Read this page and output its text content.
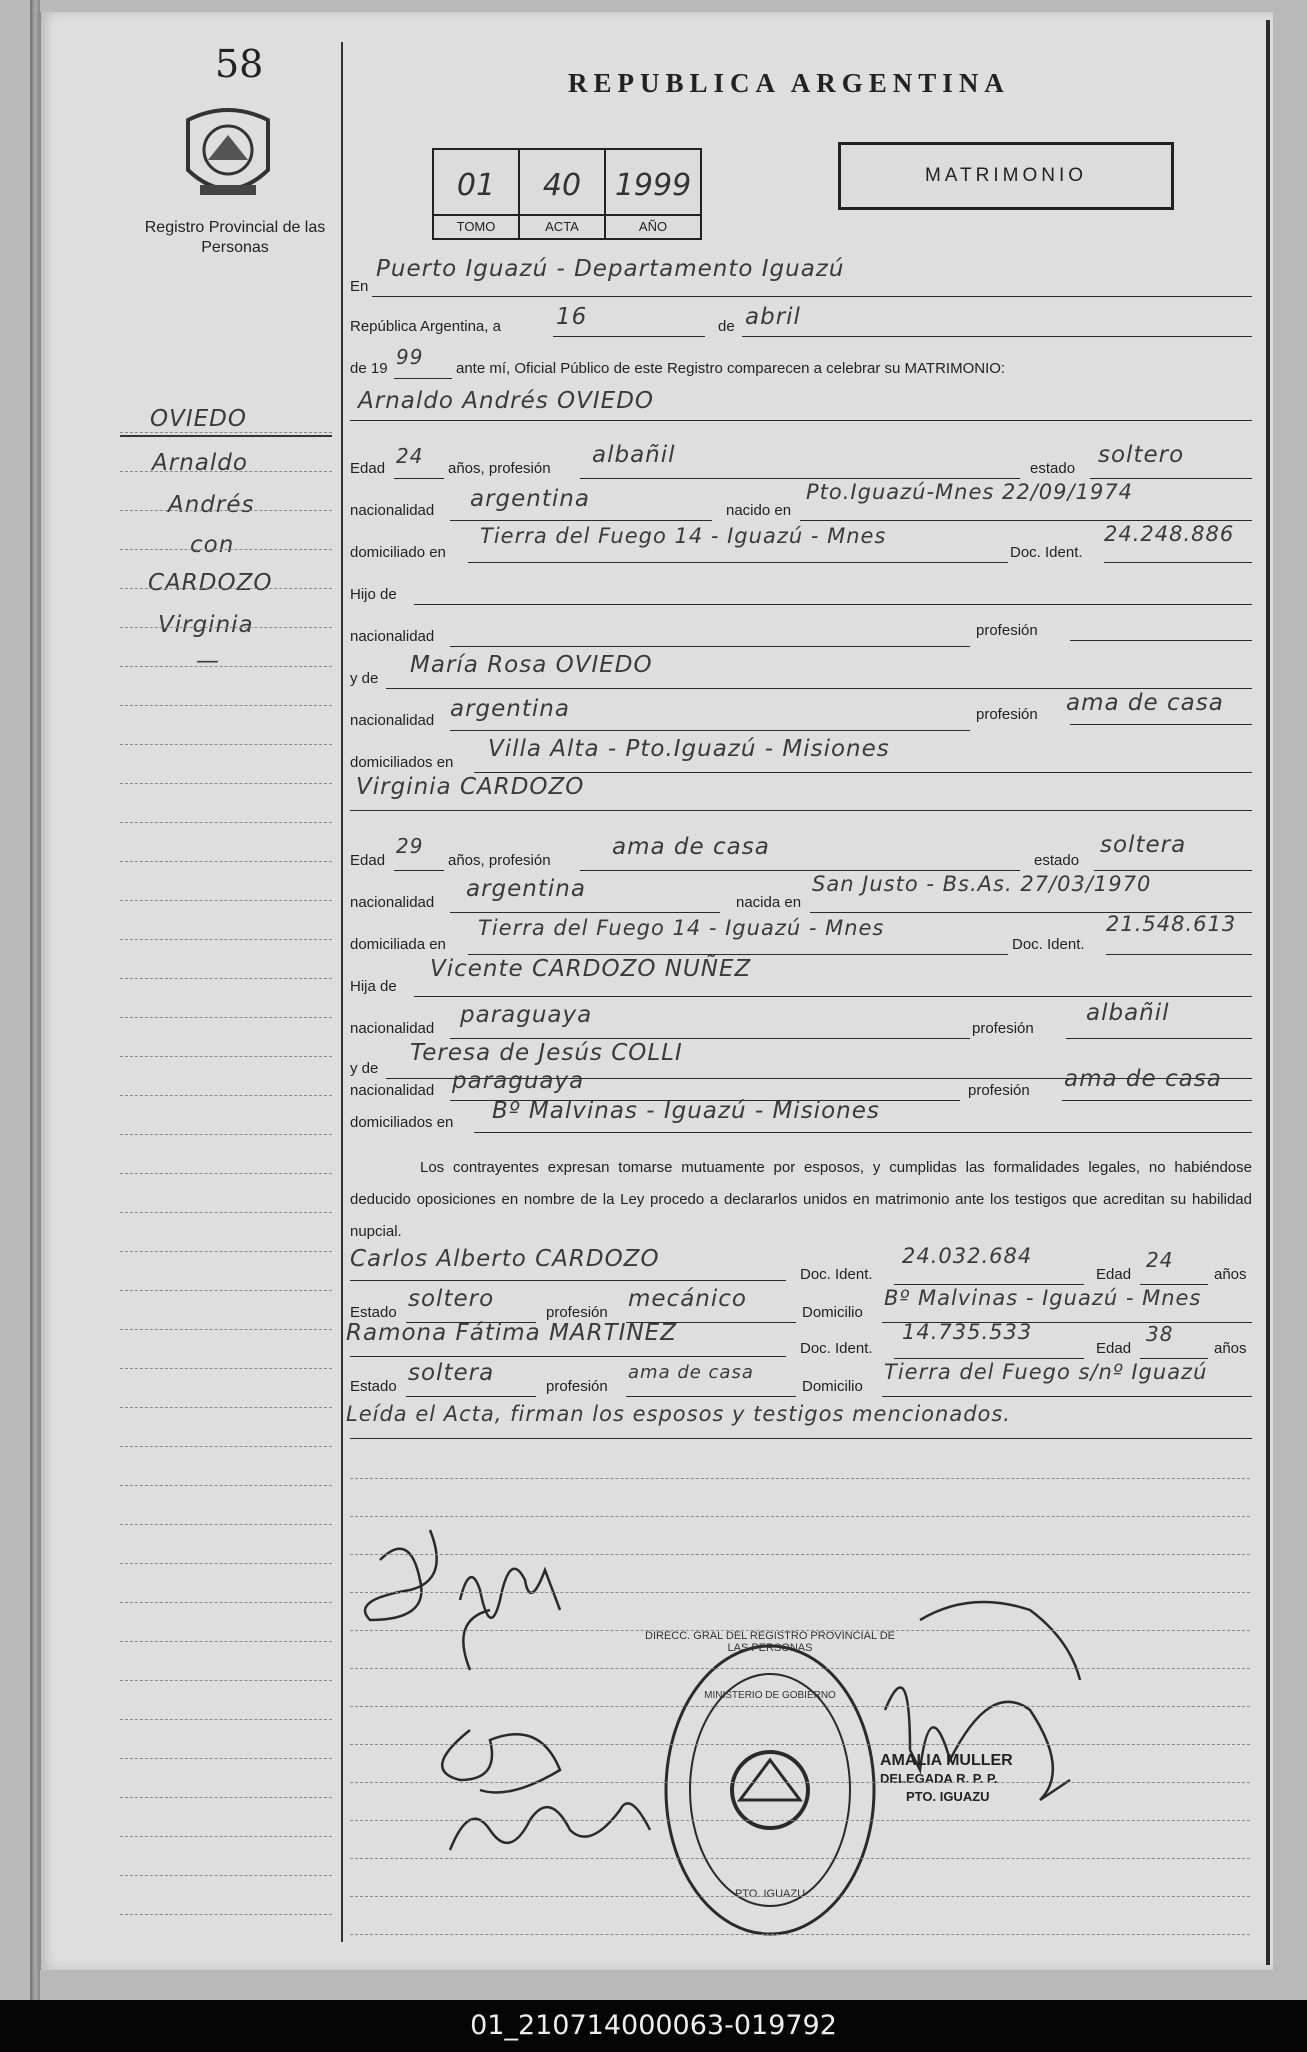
58	REPUBLICA ARGENTINA
Registro Provincial de las Personas
01
TOMO
40
ACTA
1999
AÑO
MATRIMONIO
OVIEDO
Arnaldo
Andrés
con
CARDOZO
Virginia
—
En
Puerto Iguazú - Departamento Iguazú
República Argentina, a 16	de abril
de 19 99 ante mí, Oficial Público de este Registro comparecen a celebrar su MATRIMONIO:
Arnaldo Andrés OVIEDO
Edad
24
años, profesión
albañil
estado
soltero
nacionalidad argentina	nacido en
Pto.Iguazú-Mnes 22/09/1974
domiciliado en
Tierra del Fuego 14 - Iguazú - Mnes
Doc. Ident.
24.248.886
Hijo de
nacionalidad	profesión
y de
María Rosa OVIEDO
nacionalidad argentina	profesión ama de casa
domiciliados en
Villa Alta - Pto.Iguazú - Misiones
Virginia CARDOZO
Edad
29
años, profesión
ama de casa
estado
soltera
nacionalidad
argentina
nacida en
San Justo - Bs.As. 27/03/1970
domiciliada en
Tierra del Fuego 14 - Iguazú - Mnes
Doc. Ident.
21.548.613
Hija de
Vicente CARDOZO NUÑEZ
nacionalidad
paraguaya
profesión
albañil
y de
Teresa de Jesús COLLI
nacionalidad paraguaya	profesión ama de casa
domiciliados en Bº Malvinas - Iguazú - Misiones
Los contrayentes expresan tomarse mutuamente por esposos, y cumplidas las formalidades legales, no habiéndose deducido oposiciones en nombre de la Ley procedo a declararlos unidos en matrimonio ante los testigos que acreditan su habilidad nupcial.
Carlos Alberto CARDOZO
Doc. Ident.
24.032.684
Edad
24
años
Estado
soltero
profesión
mecánico
Domicilio
Bº Malvinas - Iguazú - Mnes
Ramona Fátima MARTINEZ
Doc. Ident.
14.735.533
Edad
38
años
Estado
soltera
profesión
ama de casa
Domicilio
Tierra del Fuego s/nº Iguazú
Leída el Acta, firman los esposos y testigos mencionados.
PTO. IGUAZU
DIRECC. GRAL DEL REGISTRO PROVINCIAL DE LAS PERSONAS
MINISTERIO DE GOBIERNO
AMALIA MULLER
DELEGADA R. P. P.
PTO. IGUAZU
01_210714000063-019792
